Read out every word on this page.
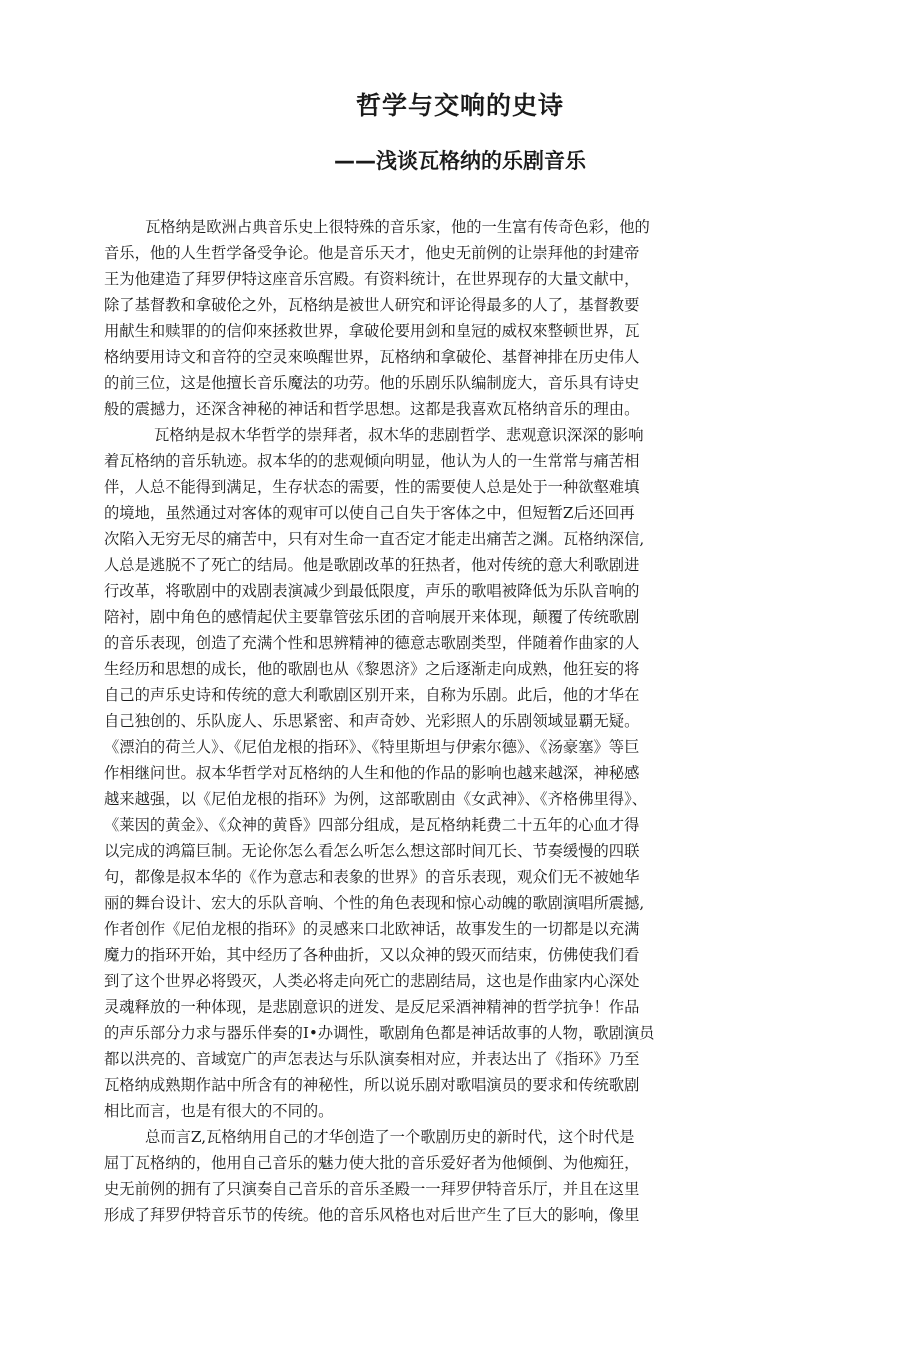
哲学与交响的史诗
——浅谈瓦格纳的乐剧音乐
瓦格纳是欧洲占典音乐史上很特殊的音乐家，他的一生富有传奇色彩，他的
音乐，他的人生哲学备受争论。他是音乐天才，他史无前例的让崇拜他的封建帝
王为他建造了拜罗伊特这座音乐宫殿。有资料统计，在世界现存的大量文献中，
除了基督教和拿破伦之外，瓦格纳是被世人研究和评论得最多的人了，基督教要
用献生和赎罪的的信仰來拯救世界，拿破伦要用剑和皇冠的威权來整顿世界，瓦
格纳要用诗文和音符的空灵來唤醒世界，瓦格纳和拿破伦、基督神排在历史伟人
的前三位，这是他擅长音乐魔法的功劳。他的乐剧乐队编制庞大，音乐具有诗史
般的震撼力，还深含神秘的神话和哲学思想。这都是我喜欢瓦格纳音乐的理由。
瓦格纳是叔木华哲学的崇拜者，叔木华的悲剧哲学、悲观意识深深的影响
着瓦格纳的音乐轨迹。叔本华的的悲观倾向明显，他认为人的一生常常与痛苦相
伴，人总不能得到满足，生存状态的需要，性的需要使人总是处于一种欲壑难填
的境地，虽然通过对客体的观审可以使自己自失于客体之中，但短暂Z后还回再
次陷入无穷无尽的痛苦中，只有对生命一直否定才能走出痛苦之渊。瓦格纳深信,
人总是逃脱不了死亡的结局。他是歌剧改革的狂热者，他对传统的意大利歌剧进
行改革，将歌剧中的戏剧表演减少到最低限度，声乐的歌唱被降低为乐队音响的
陪衬，剧中角色的感情起伏主要靠管弦乐团的音响展开来体现，颠覆了传统歌剧
的音乐表现，创造了充满个性和思辨精神的德意志歌剧类型，伴随着作曲家的人
生经历和思想的成长，他的歌剧也从《黎恩济》之后逐渐走向成熟，他狂妄的将
自己的声乐史诗和传统的意大利歌剧区别开来，自称为乐剧。此后，他的才华在
自己独创的、乐队庞人、乐思紧密、和声奇妙、光彩照人的乐剧领域显覇无疑。
《漂泊的荷兰人》、《尼伯龙根的指环》、《特里斯坦与伊索尔德》、《汤豪塞》等巨
作相继问世。叔本华哲学对瓦格纳的人生和他的作品的影响也越来越深，神秘感
越来越强，以《尼伯龙根的指环》为例，这部歌剧由《女武神》、《齐格佛里得》、
《莱因的黄金》、《众神的黄昏》四部分组成，是瓦格纳耗费二十五年的心血才得
以完成的鸿篇巨制。无论你怎么看怎么听怎么想这部时间兀长、节奏缓慢的四联
句，都像是叔本华的《作为意志和表象的世界》的音乐表现，观众们无不被她华
丽的舞台设计、宏大的乐队音响、个性的角色表现和惊心动魄的歌剧演唱所震撼,
作者创作《尼伯龙根的指环》的灵感来口北欧神话，故事发生的一切都是以充满
魔力的指环开始，其中经历了各种曲折，又以众神的毁灭而结束，仿佛使我们看
到了这个世界必将毁灭，人类必将走向死亡的悲剧结局，这也是作曲家内心深处
灵魂释放的一种体现，是悲剧意识的迸发、是反尼采酒神精神的哲学抗争！作品
的声乐部分力求与器乐伴奏的I•办调性，歌剧角色都是神话故事的人物，歌剧演员
都以洪亮的、音域宽广的声怎表达与乐队演奏相对应，并表达出了《指环》乃至
瓦格纳成熟期作詁中所含有的神秘性，所以说乐剧对歌唱演员的要求和传统歌剧
相比而言，也是有很大的不同的。
总而言Z,瓦格纳用自己的才华创造了一个歌剧历史的新时代，这个时代是
屈丁瓦格纳的，他用自己音乐的魅力使大批的音乐爱好者为他倾倒、为他痴狂，
史无前例的拥有了只演奏自己音乐的音乐圣殿一一拜罗伊特音乐厅，并且在这里
形成了拜罗伊特音乐节的传统。他的音乐风格也对后世产生了巨大的影响，像里
